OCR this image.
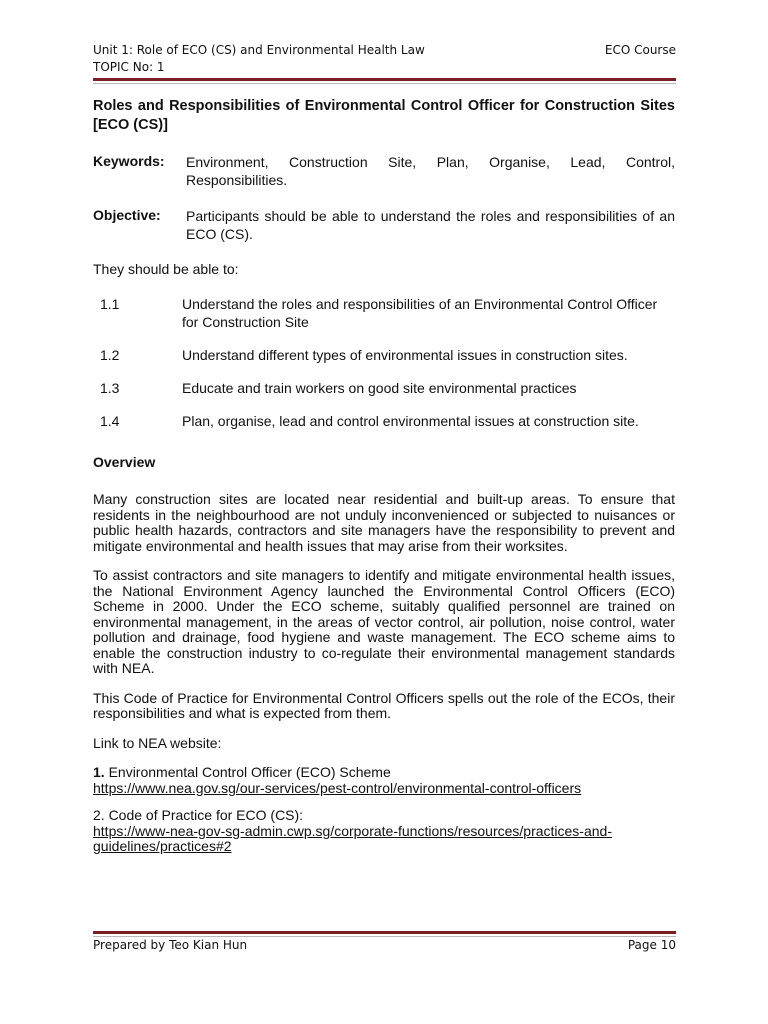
Unit 1: Role of ECO (CS) and Environmental Health Law	ECO Course
TOPIC No: 1
Roles and Responsibilities of Environmental Control Officer for Construction Sites [ECO (CS)]
Keywords:	Environment, Construction Site, Plan, Organise, Lead, Control,
Responsibilities.
Objective:	Participants should be able to understand the roles and responsibilities of an ECO (CS).
They should be able to:
1.1	Understand the roles and responsibilities of an Environmental Control Officer for Construction Site
1.2	Understand different types of environmental issues in construction sites.
1.3	Educate and train workers on good site environmental practices
1.4	Plan, organise, lead and control environmental issues at construction site.
Overview
Many construction sites are located near residential and built-up areas. To ensure that residents in the neighbourhood are not unduly inconvenienced or subjected to nuisances or public health hazards, contractors and site managers have the responsibility to prevent and mitigate environmental and health issues that may arise from their worksites.
To assist contractors and site managers to identify and mitigate environmental health issues, the National Environment Agency launched the Environmental Control Officers (ECO) Scheme in 2000. Under the ECO scheme, suitably qualified personnel are trained on environmental management, in the areas of vector control, air pollution, noise control, water pollution and drainage, food hygiene and waste management. The ECO scheme aims to enable the construction industry to co-regulate their environmental management standards with NEA.
This Code of Practice for Environmental Control Officers spells out the role of the ECOs, their responsibilities and what is expected from them.
Link to NEA website:
1. Environmental Control Officer (ECO) Scheme
https://www.nea.gov.sg/our-services/pest-control/environmental-control-officers
2. Code of Practice for ECO (CS):
https://www-nea-gov-sg-admin.cwp.sg/corporate-functions/resources/practices-and-
guidelines/practices#2
Prepared by Teo Kian Hun	Page 10
